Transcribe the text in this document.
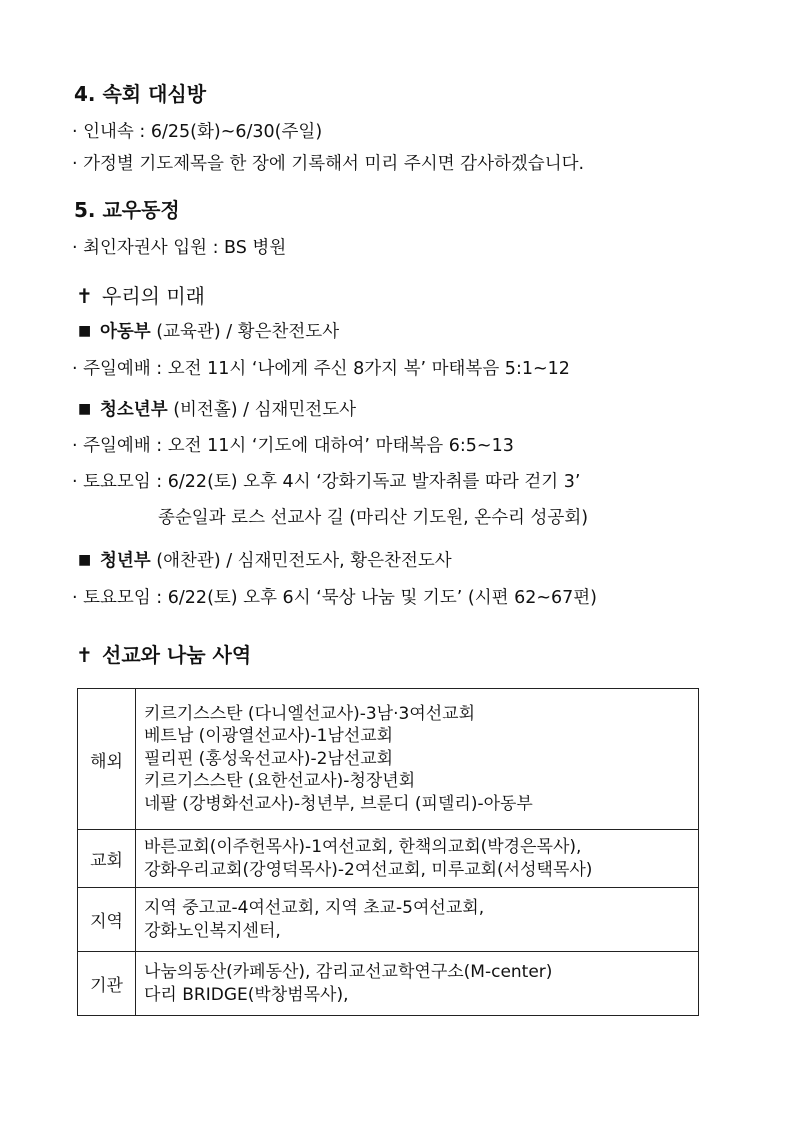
4. 속회 대심방
· 인내속 : 6/25(화)~6/30(주일)
· 가정별 기도제목을 한 장에 기록해서 미리 주시면 감사하겠습니다.
5. 교우동정
· 최인자권사 입원 : BS 병원
✝ 우리의 미래
■ 아동부 (교육관) / 황은찬전도사
· 주일예배 : 오전 11시 ‘나에게 주신 8가지 복’ 마태복음 5:1~12
■ 청소년부 (비전홀) / 심재민전도사
· 주일예배 : 오전 11시 ‘기도에 대하여’ 마태복음 6:5~13
· 토요모임 : 6/22(토) 오후 4시 ‘강화기독교 발자취를 따라 걷기 3’
종순일과 로스 선교사 길 (마리산 기도원, 온수리 성공회)
■ 청년부 (애찬관) / 심재민전도사, 황은찬전도사
· 토요모임 : 6/22(토) 오후 6시 ‘묵상 나눔 및 기도’ (시편 62~67편)
✝ 선교와 나눔 사역
해외	키르기스스탄 (다니엘선교사)-3남·3여선교회
베트남 (이광열선교사)-1남선교회
필리핀 (홍성욱선교사)-2남선교회
키르기스스탄 (요한선교사)-청장년회
네팔 (강병화선교사)-청년부, 브룬디 (피델리)-아동부

교회	바른교회(이주헌목사)-1여선교회, 한책의교회(박경은목사),
강화우리교회(강영덕목사)-2여선교회, 미루교회(서성택목사)

지역	지역 중고교-4여선교회, 지역 초교-5여선교회,
강화노인복지센터,

기관	나눔의동산(카페동산), 감리교선교학연구소(M-center)
다리 BRIDGE(박창범목사),
